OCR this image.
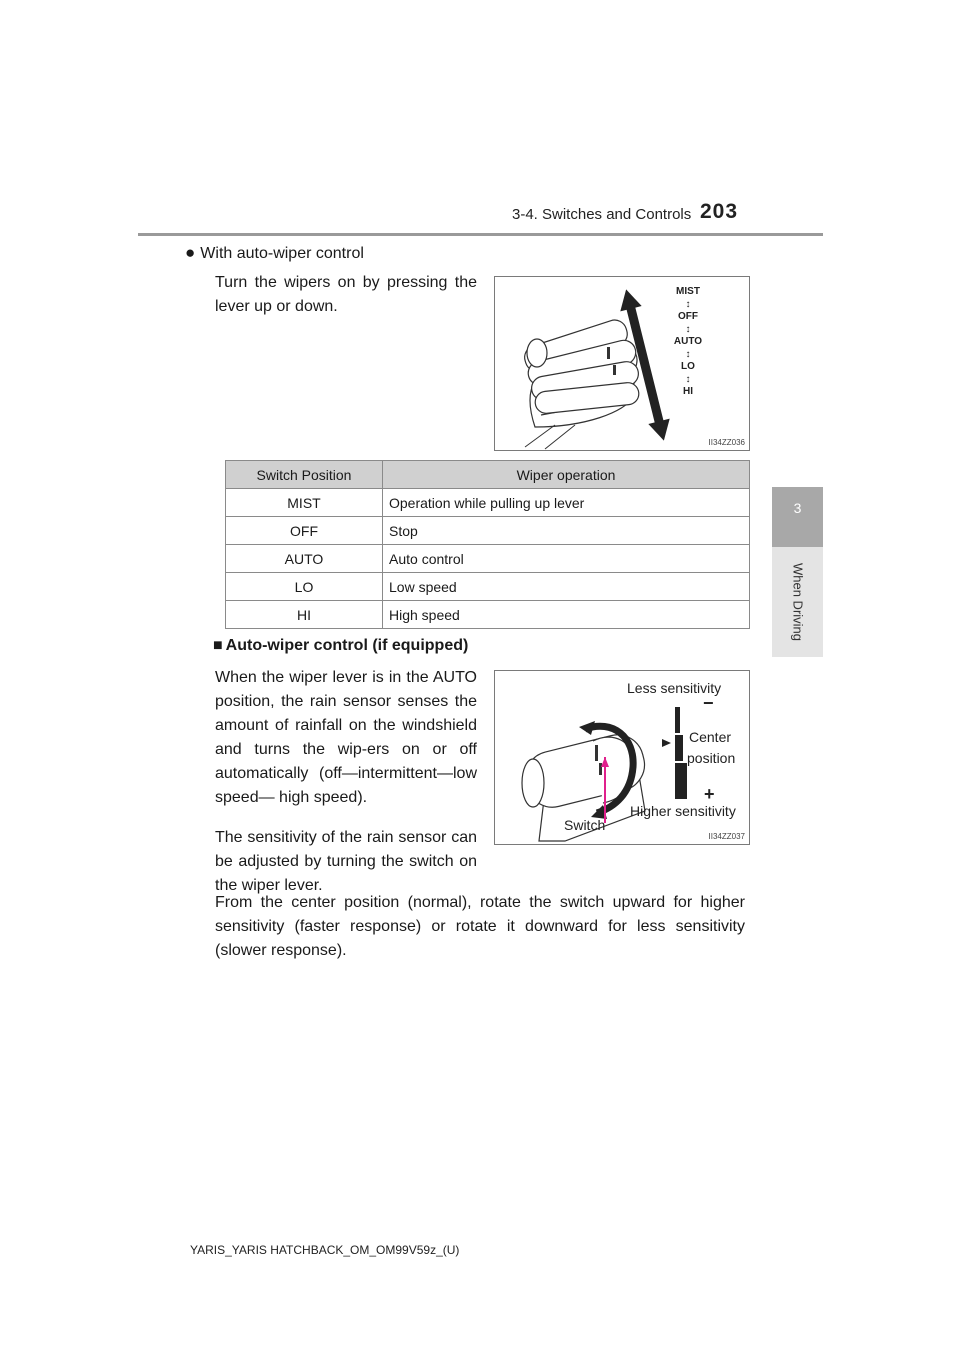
3-4. Switches and Controls 203
3
When Driving
● With auto-wiper control
Turn the wipers on by pressing the lever up or down.
MIST
↕
OFF
↕
AUTO
↕
LO
↕
HI
II34ZZ036
Switch Position	Wiper operation
MIST	Operation while pulling up lever
OFF	Stop
AUTO	Auto control
LO	Low speed
HI	High speed
■ Auto-wiper control (if equipped)
When the wiper lever is in the AUTO position, the rain sensor senses the amount of rainfall on the windshield and turns the wip-ers on or off automatically (off—intermittent—low speed— high speed).
The sensitivity of the rain sensor can be adjusted by turning the switch on the wiper lever.
From the center position (normal), rotate the switch upward for higher sensitivity (faster response) or rotate it downward for less sensitivity (slower response).
Less sensitivity
−
Center
position
+
Higher sensitivity
Switch
II34ZZ037
YARIS_YARIS HATCHBACK_OM_OM99V59z_(U)
